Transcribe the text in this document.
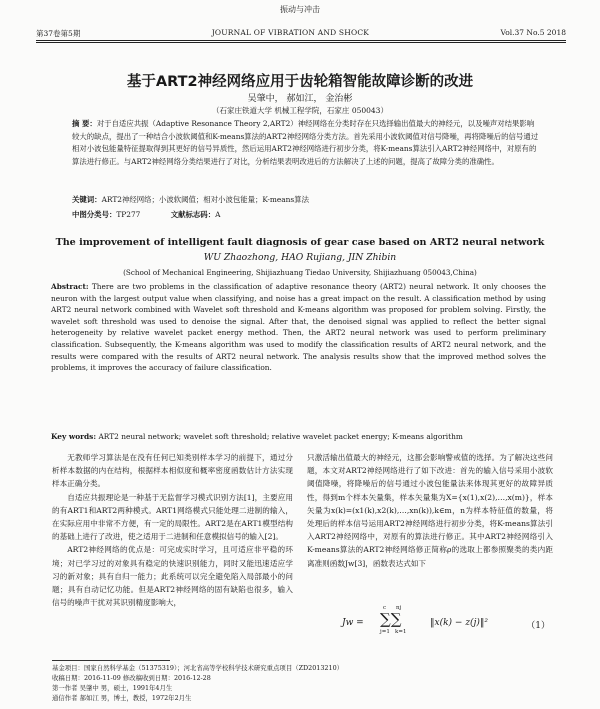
振动与冲击
第37卷第5期	JOURNAL OF VIBRATION AND SHOCK	Vol.37 No.5 2018
基于ART2神经网络应用于齿轮箱智能故障诊断的改进
吴肇中， 郝如江， 金治彬
（石家庄铁道大学 机械工程学院，石家庄 050043）
摘 要：对于自适应共振（Adaptive Resonance Theory 2,ART2）神经网络在分类时存在只选择输出值最大的神经元，以及噪声对结果影响较大的缺点，提出了一种结合小波软阈值和K-means算法的ART2神经网络分类方法。首先采用小波软阈值对信号降噪，再将降噪后的信号通过相对小波包能量特征提取得到其更好的信号异质性，然后运用ART2神经网络进行初步分类，将K-means算法引入ART2神经网络中，对原有的算法进行修正。与ART2神经网络分类结果进行了对比，分析结果表明改进后的方法解决了上述的问题，提高了故障分类的准确性。
关键词：ART2神经网络；小波软阈值；相对小波包能量；K-means算法
中图分类号：TP277	文献标志码：A
The improvement of intelligent fault diagnosis of gear case based on ART2 neural network
WU Zhaozhong, HAO Rujiang, JIN Zhibin
(School of Mechanical Engineering, Shijiazhuang Tiedao University, Shijiazhuang 050043,China)
Abstract: There are two problems in the classification of adaptive resonance theory (ART2) neural network. It only chooses the neuron with the largest output value when classifying, and noise has a great impact on the result. A classification method by using ART2 neural network combined with Wavelet soft threshold and K-means algorithm was proposed for problem solving. Firstly, the wavelet soft threshold was used to denoise the signal. After that, the denoised signal was applied to reflect the better signal heterogeneity by relative wavelet packet energy method. Then, the ART2 neural network was used to perform preliminary classification. Subsequently, the K-means algorithm was used to modify the classification results of ART2 neural network, and the results were compared with the results of ART2 neural network. The analysis results show that the improved method solves the problems, it improves the accuracy of failure classification.
Key words: ART2 neural network; wavelet soft threshold; relative wavelet packet energy; K-means algorithm

无教师学习算法是在没有任何已知类别样本学习的前提下，通过分析样本数据的内在结构，根据样本相似度和概率密度函数估计方法实现样本正确分类。

自适应共振理论是一种基于无监督学习模式识别方法[1]，主要应用的有ART1和ART2两种模式。ART1网络模式只能处理二进制的输入，在实际应用中非常不方便，有一定的局限性。ART2是在ART1模型结构的基础上进行了改进，使之适用于二进制和任意模拟信号的输入[2]。

ART2神经网络的优点是：可完成实时学习，且可适应非平稳的环境；对已学习过的对象具有稳定的快速识别能力，同时又能迅速适应学习的新对象；具有自归一能力；此系统可以完全避免陷入局部最小的问题；具有自动记忆功能。但是ART2神经网络的固有缺陷也很多，输入信号的噪声干扰对其识别精度影响大，

只激活输出值最大的神经元，这都会影响警戒值的选择。为了解决这些问题，本文对ART2神经网络进行了如下改进：首先的输入信号采用小波软阈值降噪，将降噪后的信号通过小波包能量法来体现其更好的故障异质性，得到m个样本矢量集，样本矢量集为X={x(1),x(2),…,x(m)}，样本矢量为x(k)=(x1(k),x2(k),…,xn(k)),k∈m，n为样本特征值的数量，将处理后的样本信号运用ART2神经网络进行初步分类，将K-means算法引入ART2神经网络中，对原有的算法进行修正。其中ART2神经网络引入K-means算法的ART2神经网络修正简称ρ的选取上都参照聚类的类内距离准则函数Jw[3]，函数表达式如下

Jw = ∑∑
c
j=1
nj
k=1
‖x(k) − z(j)‖²	（1）
基金项目：国家自然科学基金（51375319）；河北省高等学校科学技术研究重点项目（ZD2013210）
收稿日期：2016-11-09 修改稿收到日期：2016-12-28
第一作者 吴肇中 男，硕士，1991年4月生
通信作者 郝如江 男，博士，教授，1972年2月生
